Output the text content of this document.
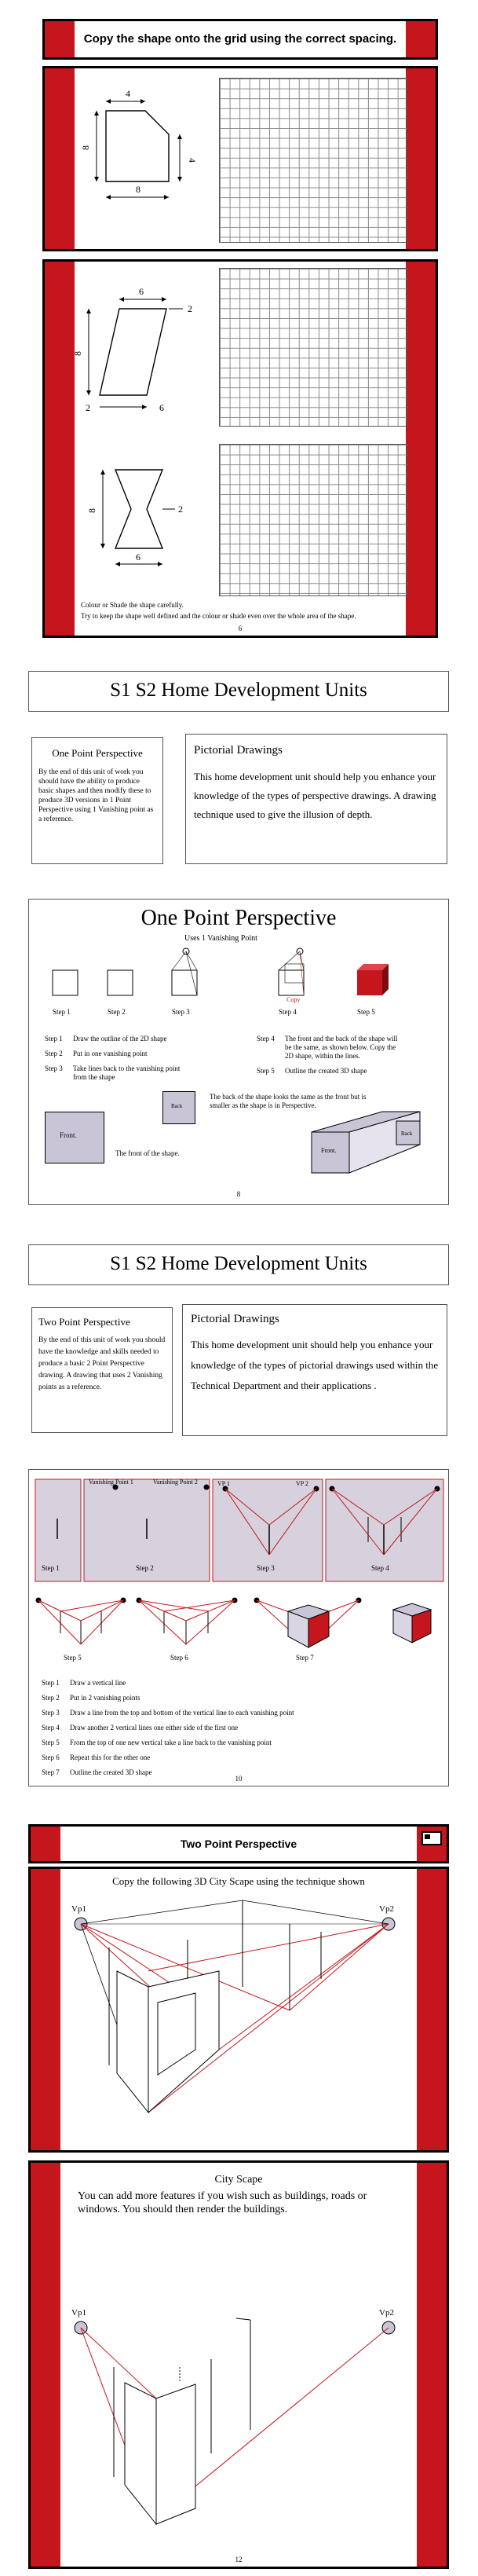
Copy the shape onto the grid using the correct spacing.
4
8
4
8
6
2
8
6
2
8	2
6
Colour or Shade the shape carefully.
Try to keep the shape well defined and the colour or shade even over the whole area of the shape.
6
S1 S2 Home Development Units
One Point Perspective
By the end of this unit of work you should have the ability to produce basic shapes and then modify these to produce 3D versions in 1 Point Perspective using 1 Vanishing point as a reference.
Pictorial Drawings
This home development unit should help you enhance your knowledge of the types of perspective drawings. A drawing technique used to give the illusion of depth.
One Point Perspective
Uses 1 Vanishing Point
Copy
Step 1	Step 2	Step 3	Step 4	Step 5
Step 1	Draw the outline of the 2D shape
Step 2	Put in one vanishing point
Step 3	Take lines back to the vanishing point from the shape
Step 4	The front and the back of the shape will be the same, as shown below. Copy the 2D shape, within the lines.
Step 5	Outline the created 3D shape
Back
The back of the shape looks the same as the front but is smaller as the shape is in Perspective.
Front.
The front of the shape.	Front.
Back
8
S1 S2 Home Development Units
Two Point Perspective
By the end of this unit of work you should have the knowledge and skills needed to produce a basic 2 Point Perspective drawing. A drawing that uses 2 Vanishing points as a reference.
Pictorial Drawings
This home development unit should help you enhance your knowledge of the types of pictorial drawings used within the Technical Department and their applications .
Step 1
Vanishing Point 1	Vanishing Point 2
Step 2
VP 1	VP 2
Step 3	Step 4
Step 5	Step 6	Step 7
Step 1	Draw a vertical line
Step 2	Put in 2 vanishing points
Step 3	Draw a line from the top and bottom of the vertical line to each vanishing point
Step 4	Draw another 2 vertical lines one either side of the first one
Step 5	From the top of one new vertical take a line back to the vanishing point
Step 6	Repeat this for the other one
Step 7	Outline the created 3D shape
10
Two Point Perspective
Copy the following 3D City Scape using the technique shown
Vp1	Vp2
City Scape
You can add more features if you wish such as buildings, roads or windows. You should then render the buildings.
Vp1	Vp2
12
